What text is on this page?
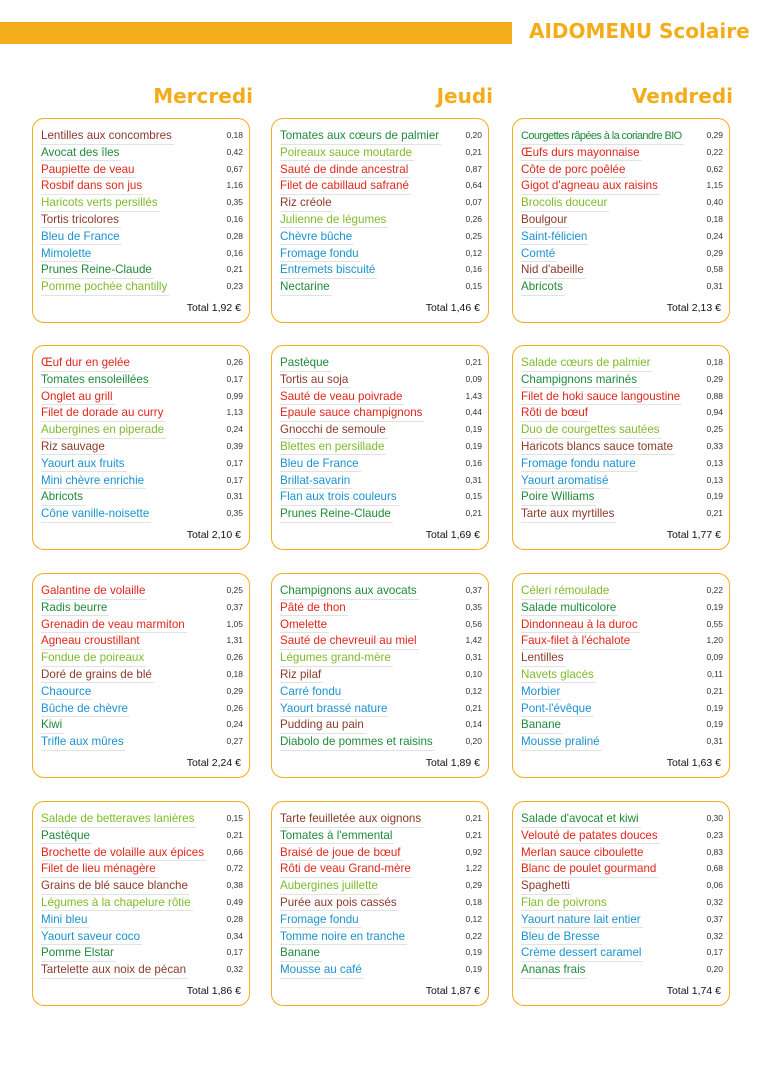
AIDOMENU Scolaire
Mercredi	Jeudi	Vendredi
Lentilles aux concombres	0,18
Avocat des îles	0,42
Paupiette de veau	0,67
Rosbif dans son jus	1,16
Haricots verts persillés	0,35
Tortis tricolores	0,16
Bleu de France	0,28
Mimolette	0,16
Prunes Reine-Claude	0,21
Pomme pochée chantilly	0,23
Total 1,92 €
Tomates aux cœurs de palmier	0,20
Poireaux sauce moutarde	0,21
Sauté de dinde ancestral	0,87
Filet de cabillaud safrané	0,64
Riz créole	0,07
Julienne de légumes	0,26
Chèvre bûche	0,25
Fromage fondu	0,12
Entremets biscuité	0,16
Nectarine	0,15
Total 1,46 €
Courgettes râpées à la coriandre BIO	0,29
Œufs durs mayonnaise	0,22
Côte de porc poêlée	0,62
Gigot d'agneau aux raisins	1,15
Brocolis douceur	0,40
Boulgour	0,18
Saint-félicien	0,24
Comté	0,29
Nid d'abeille	0,58
Abricots	0,31
Total 2,13 €
Œuf dur en gelée	0,26
Tomates ensoleillées	0,17
Onglet au grill	0,99
Filet de dorade au curry	1,13
Aubergines en piperade	0,24
Riz sauvage	0,39
Yaourt aux fruits	0,17
Mini chèvre enrichie	0,17
Abricots	0,31
Cône vanille-noisette	0,35
Total 2,10 €
Pastèque	0,21
Tortis au soja	0,09
Sauté de veau poivrade	1,43
Epaule sauce champignons	0,44
Gnocchi de semoule	0,19
Blettes en persillade	0,19
Bleu de France	0,16
Brillat-savarin	0,31
Flan aux trois couleurs	0,15
Prunes Reine-Claude	0,21
Total 1,69 €
Salade cœurs de palmier	0,18
Champignons marinés	0,29
Filet de hoki sauce langoustine	0,88
Rôti de bœuf	0,94
Duo de courgettes sautées	0,25
Haricots blancs sauce tomate	0,33
Fromage fondu nature	0,13
Yaourt aromatisé	0,13
Poire Williams	0,19
Tarte aux myrtilles	0,21
Total 1,77 €
Galantine de volaille	0,25
Radis beurre	0,37
Grenadin de veau marmiton	1,05
Agneau croustillant	1,31
Fondue de poireaux	0,26
Doré de grains de blé	0,18
Chaource	0,29
Bûche de chèvre	0,26
Kiwi	0,24
Trifle aux mûres	0,27
Total 2,24 €
Champignons aux avocats	0,37
Pâté de thon	0,35
Omelette	0,56
Sauté de chevreuil au miel	1,42
Légumes grand-mère	0,31
Riz pilaf	0,10
Carré fondu	0,12
Yaourt brassé nature	0,21
Pudding au pain	0,14
Diabolo de pommes et raisins	0,20
Total 1,89 €
Céleri rémoulade	0,22
Salade multicolore	0,19
Dindonneau à la duroc	0,55
Faux-filet à l'échalote	1,20
Lentilles	0,09
Navets glacés	0,11
Morbier	0,21
Pont-l'évêque	0,19
Banane	0,19
Mousse praliné	0,31
Total 1,63 €
Salade de betteraves lanières	0,15
Pastèque	0,21
Brochette de volaille aux épices	0,66
Filet de lieu ménagère	0,72
Grains de blé sauce blanche	0,38
Légumes à la chapelure rôtie	0,49
Mini bleu	0,28
Yaourt saveur coco	0,34
Pomme Elstar	0,17
Tartelette aux noix de pécan	0,32
Total 1,86 €
Tarte feuilletée aux oignons	0,21
Tomates à l'emmental	0,21
Braisé de joue de bœuf	0,92
Rôti de veau Grand-mère	1,22
Aubergines juillette	0,29
Purée aux pois cassés	0,18
Fromage fondu	0,12
Tomme noire en tranche	0,22
Banane	0,19
Mousse au café	0,19
Total 1,87 €
Salade d'avocat et kiwi	0,30
Velouté de patates douces	0,23
Merlan sauce ciboulette	0,83
Blanc de poulet gourmand	0,68
Spaghetti	0,06
Flan de poivrons	0,32
Yaourt nature lait entier	0,37
Bleu de Bresse	0,32
Crème dessert caramel	0,17
Ananas frais	0,20
Total 1,74 €
